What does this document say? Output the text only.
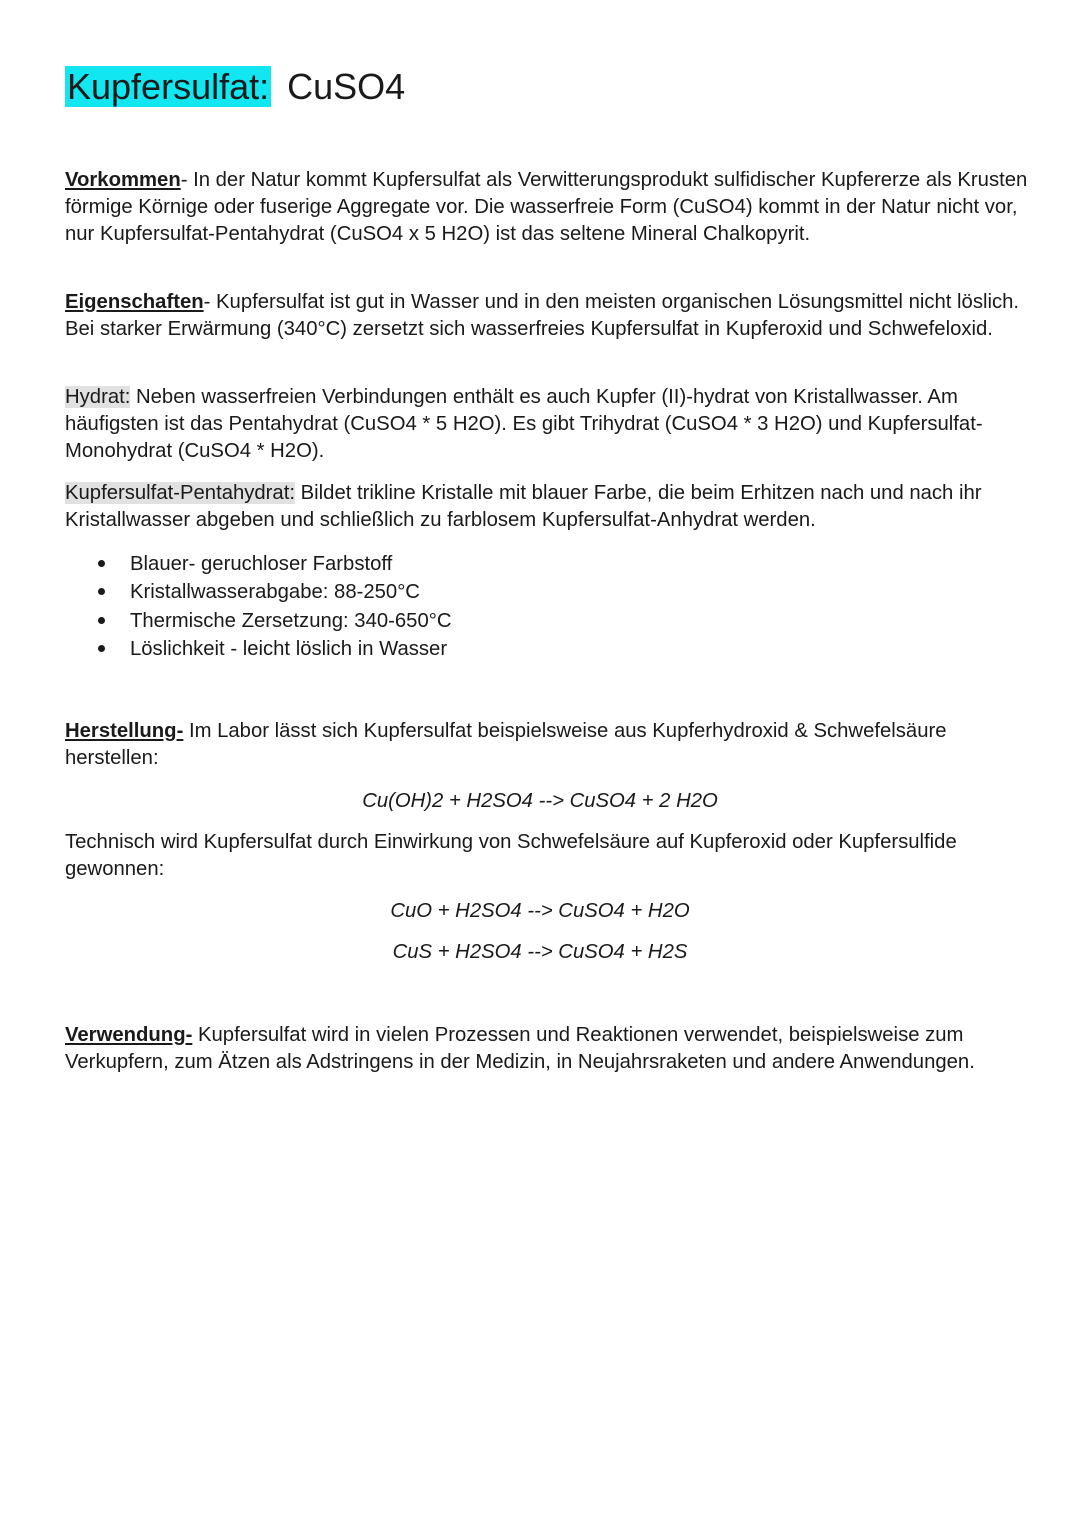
Kupfersulfat: CuSO4

Vorkommen- In der Natur kommt Kupfersulfat als Verwitterungsprodukt sulfidischer Kupfererze als Krusten förmige Körnige oder fuserige Aggregate vor. Die wasserfreie Form (CuSO4) kommt in der Natur nicht vor, nur Kupfersulfat-Pentahydrat (CuSO4 x 5 H2O) ist das seltene Mineral Chalkopyrit.

Eigenschaften- Kupfersulfat ist gut in Wasser und in den meisten organischen Lösungsmittel nicht löslich. Bei starker Erwärmung (340°C) zersetzt sich wasserfreies Kupfersulfat in Kupferoxid und Schwefeloxid.

Hydrat: Neben wasserfreien Verbindungen enthält es auch Kupfer (II)-hydrat von Kristallwasser. Am häufigsten ist das Pentahydrat (CuSO4 * 5 H2O). Es gibt Trihydrat (CuSO4 * 3 H2O) und Kupfersulfat-Monohydrat (CuSO4 * H2O).

Kupfersulfat-Pentahydrat: Bildet trikline Kristalle mit blauer Farbe, die beim Erhitzen nach und nach ihr Kristallwasser abgeben und schließlich zu farblosem Kupfersulfat-Anhydrat werden.

Blauer- geruchloser Farbstoff
Kristallwasserabgabe: 88-250°C
Thermische Zersetzung: 340-650°C
Löslichkeit - leicht löslich in Wasser

Herstellung- Im Labor lässt sich Kupfersulfat beispielsweise aus Kupferhydroxid & Schwefelsäure herstellen:

Cu(OH)2 + H2SO4 --> CuSO4 + 2 H2O

Technisch wird Kupfersulfat durch Einwirkung von Schwefelsäure auf Kupferoxid oder Kupfersulfide gewonnen:

CuO + H2SO4 --> CuSO4 + H2O
CuS + H2SO4 --> CuSO4 + H2S

Verwendung- Kupfersulfat wird in vielen Prozessen und Reaktionen verwendet, beispielsweise zum Verkupfern, zum Ätzen als Adstringens in der Medizin, in Neujahrsraketen und andere Anwendungen.
